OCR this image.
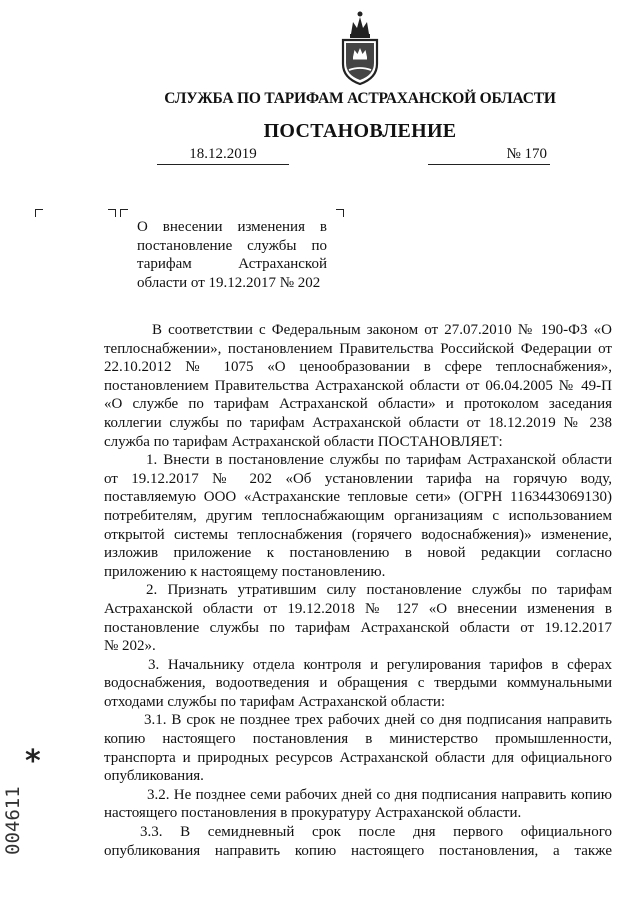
СЛУЖБА ПО ТАРИФАМ АСТРАХАНСКОЙ ОБЛАСТИ
ПОСТАНОВЛЕНИЕ
18.12.2019	№ 170
О внесении изменения в
постановление службы по
тарифам Астраханской
области от 19.12.2017 № 202
В соответствии с Федеральным законом от 27.07.2010 № 190-ФЗ «О
теплоснабжении», постановлением Правительства Российской Федерации от
22.10.2012 № 1075 «О ценообразовании в сфере теплоснабжения»,
постановлением Правительства Астраханской области от 06.04.2005 № 49-П
«О службе по тарифам Астраханской области» и протоколом заседания
коллегии службы по тарифам Астраханской области от 18.12.2019 № 238
служба по тарифам Астраханской области ПОСТАНОВЛЯЕТ:
1. Внести в постановление службы по тарифам Астраханской области
от 19.12.2017 № 202 «Об установлении тарифа на горячую воду,
поставляемую ООО «Астраханские тепловые сети» (ОГРН 1163443069130)
потребителям, другим теплоснабжающим организациям с использованием
открытой системы теплоснабжения (горячего водоснабжения)» изменение,
изложив приложение к постановлению в новой редакции согласно
приложению к настоящему постановлению.
2. Признать утратившим силу постановление службы по тарифам
Астраханской области от 19.12.2018 № 127 «О внесении изменения в
постановление службы по тарифам Астраханской области от 19.12.2017
№ 202».
3. Начальнику отдела контроля и регулирования тарифов в сферах
водоснабжения, водоотведения и обращения с твердыми коммунальными
отходами службы по тарифам Астраханской области:
3.1. В срок не позднее трех рабочих дней со дня подписания направить
копию настоящего постановления в министерство промышленности,
транспорта и природных ресурсов Астраханской области для официального
опубликования.
3.2. Не позднее семи рабочих дней со дня подписания направить копию
настоящего постановления в прокуратуру Астраханской области.
3.3. В семидневный срок после дня первого официального
опубликования направить копию настоящего постановления, а также
*
004611
